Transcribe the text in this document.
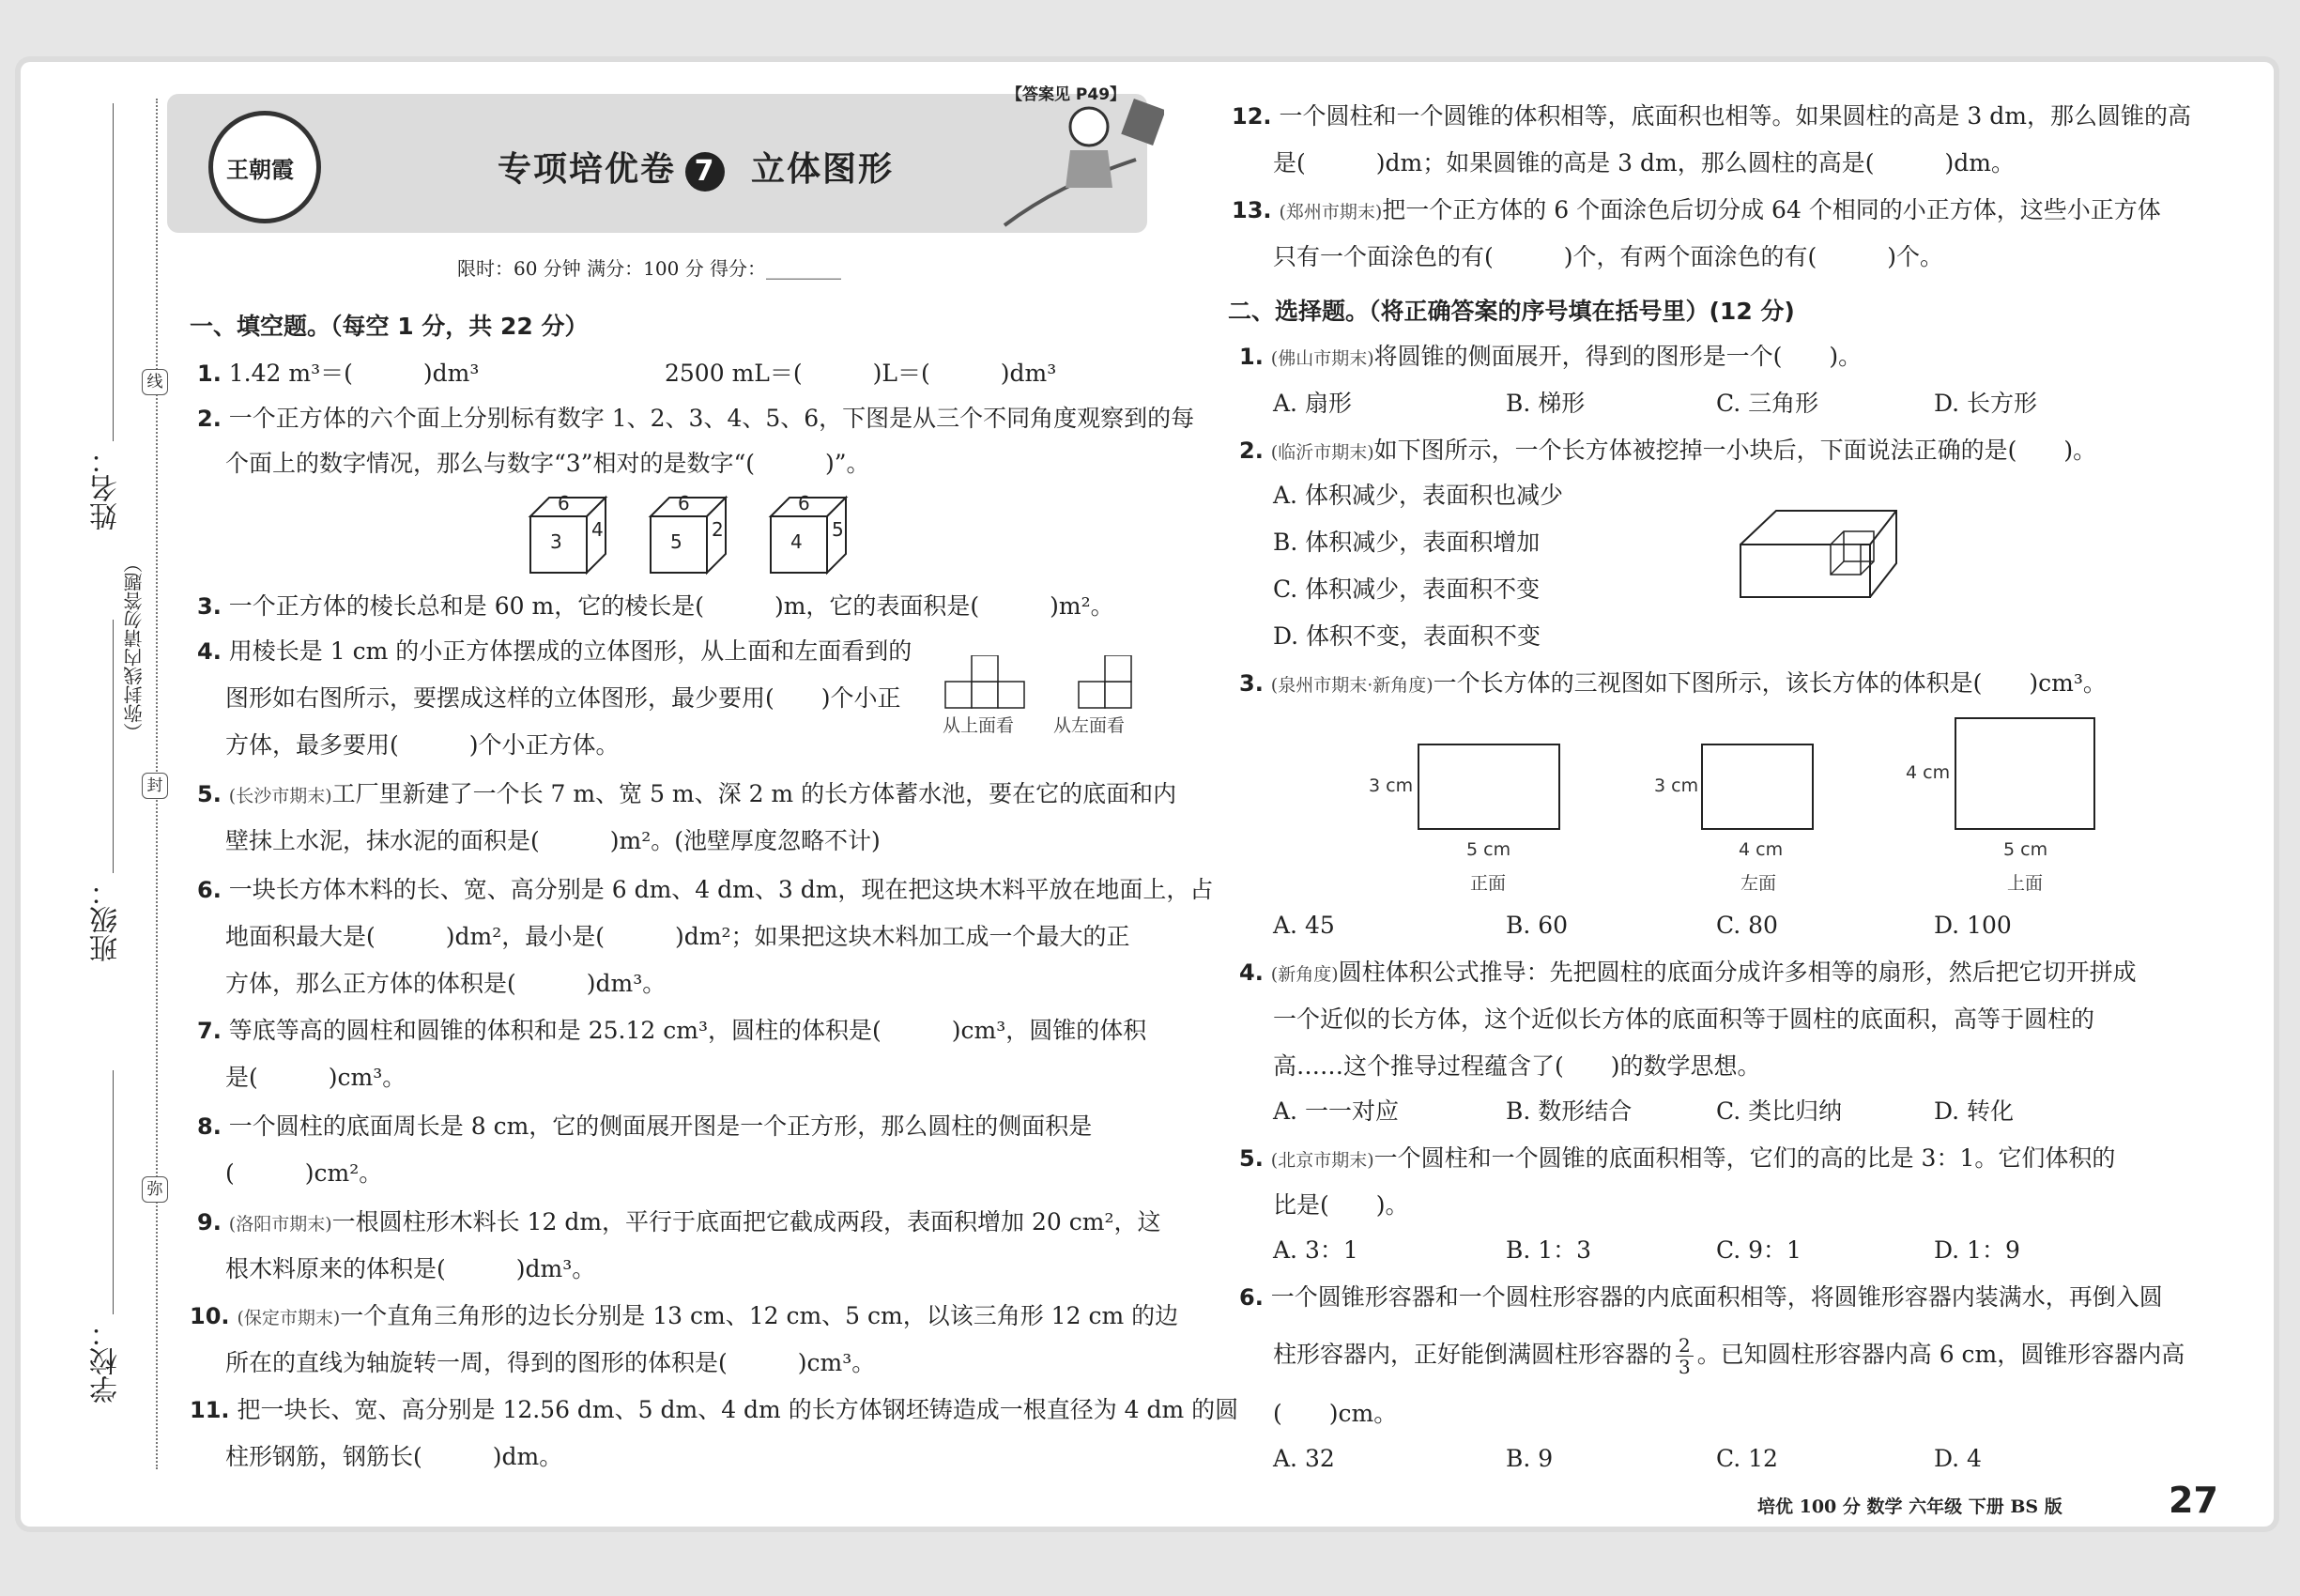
姓名：
班级：
学校：
（弥封线内请勿答题）
线
封
弥
王朝霞
【答案见 P49】
专项培优卷 7 立体图形
限时：60 分钟 满分：100 分 得分：________
一、填空题。（每空 1 分，共 22 分）
1. 1.42 m³＝(　　　)dm³	2500 mL＝(　　　)L＝(　　　)dm³
2. 一个正方体的六个面上分别标有数字 1、2、3、4、5、6，下图是从三个不同角度观察到的每
个面上的数字情况，那么与数字“3”相对的是数字“(　　　)”。
6
3
4
6
5
2
6
4
5
3. 一个正方体的棱长总和是 60 m，它的棱长是(　　　)m，它的表面积是(　　　)m²。
4. 用棱长是 1 cm 的小正方体摆成的立体图形，从上面和左面看到的
图形如右图所示，要摆成这样的立体图形，最少要用(　　)个小正
方体，最多要用(　　　)个小正方体。
从上面看 从左面看
5. (长沙市期末)工厂里新建了一个长 7 m、宽 5 m、深 2 m 的长方体蓄水池，要在它的底面和内
壁抹上水泥，抹水泥的面积是(　　　)m²。(池壁厚度忽略不计)
6. 一块长方体木料的长、宽、高分别是 6 dm、4 dm、3 dm，现在把这块木料平放在地面上，占
地面积最大是(　　　)dm²，最小是(　　　)dm²；如果把这块木料加工成一个最大的正
方体，那么正方体的体积是(　　　)dm³。
7. 等底等高的圆柱和圆锥的体积和是 25.12 cm³，圆柱的体积是(　　　)cm³，圆锥的体积
是(　　　)cm³。
8. 一个圆柱的底面周长是 8 cm，它的侧面展开图是一个正方形，那么圆柱的侧面积是
(　　　)cm²。
9. (洛阳市期末)一根圆柱形木料长 12 dm，平行于底面把它截成两段，表面积增加 20 cm²，这
根木料原来的体积是(　　　)dm³。
10. (保定市期末)一个直角三角形的边长分别是 13 cm、12 cm、5 cm，以该三角形 12 cm 的边
所在的直线为轴旋转一周，得到的图形的体积是(　　　)cm³。
11. 把一块长、宽、高分别是 12.56 dm、5 dm、4 dm 的长方体钢坯铸造成一根直径为 4 dm 的圆
柱形钢筋，钢筋长(　　　)dm。
12. 一个圆柱和一个圆锥的体积相等，底面积也相等。如果圆柱的高是 3 dm，那么圆锥的高
是(　　　)dm；如果圆锥的高是 3 dm，那么圆柱的高是(　　　)dm。
13. (郑州市期末)把一个正方体的 6 个面涂色后切分成 64 个相同的小正方体，这些小正方体
只有一个面涂色的有(　　　)个，有两个面涂色的有(　　　)个。
二、选择题。（将正确答案的序号填在括号里）(12 分)
1. (佛山市期末)将圆锥的侧面展开，得到的图形是一个(　　)。
A. 扇形	B. 梯形	C. 三角形	D. 长方形
2. (临沂市期末)如下图所示，一个长方体被挖掉一小块后，下面说法正确的是(　　)。
A. 体积减少，表面积也减少
B. 体积减少，表面积增加
C. 体积减少，表面积不变
D. 体积不变，表面积不变
3. (泉州市期末·新角度)一个长方体的三视图如下图所示，该长方体的体积是(　　)cm³。
3 cm
5 cm
正面
3 cm
4 cm
左面
4 cm
5 cm
上面
A. 45	B. 60	C. 80	D. 100
4. (新角度)圆柱体积公式推导：先把圆柱的底面分成许多相等的扇形，然后把它切开拼成
一个近似的长方体，这个近似长方体的底面积等于圆柱的底面积，高等于圆柱的
高……这个推导过程蕴含了(　　)的数学思想。
A. 一一对应	B. 数形结合	C. 类比归纳	D. 转化
5. (北京市期末)一个圆柱和一个圆锥的底面积相等，它们的高的比是 3：1。它们体积的
比是(　　)。
A. 3：1	B. 1：3	C. 9：1	D. 1：9
6. 一个圆锥形容器和一个圆柱形容器的内底面积相等，将圆锥形容器内装满水，再倒入圆
柱形容器内，正好能倒满圆柱形容器的 $\frac{2}{3}$ 。已知圆柱形容器内高 6 cm，圆锥形容器内高
(　　)cm。
A. 32	B. 9	C. 12	D. 4
培优 100 分 数学 六年级 下册 BS 版	27
